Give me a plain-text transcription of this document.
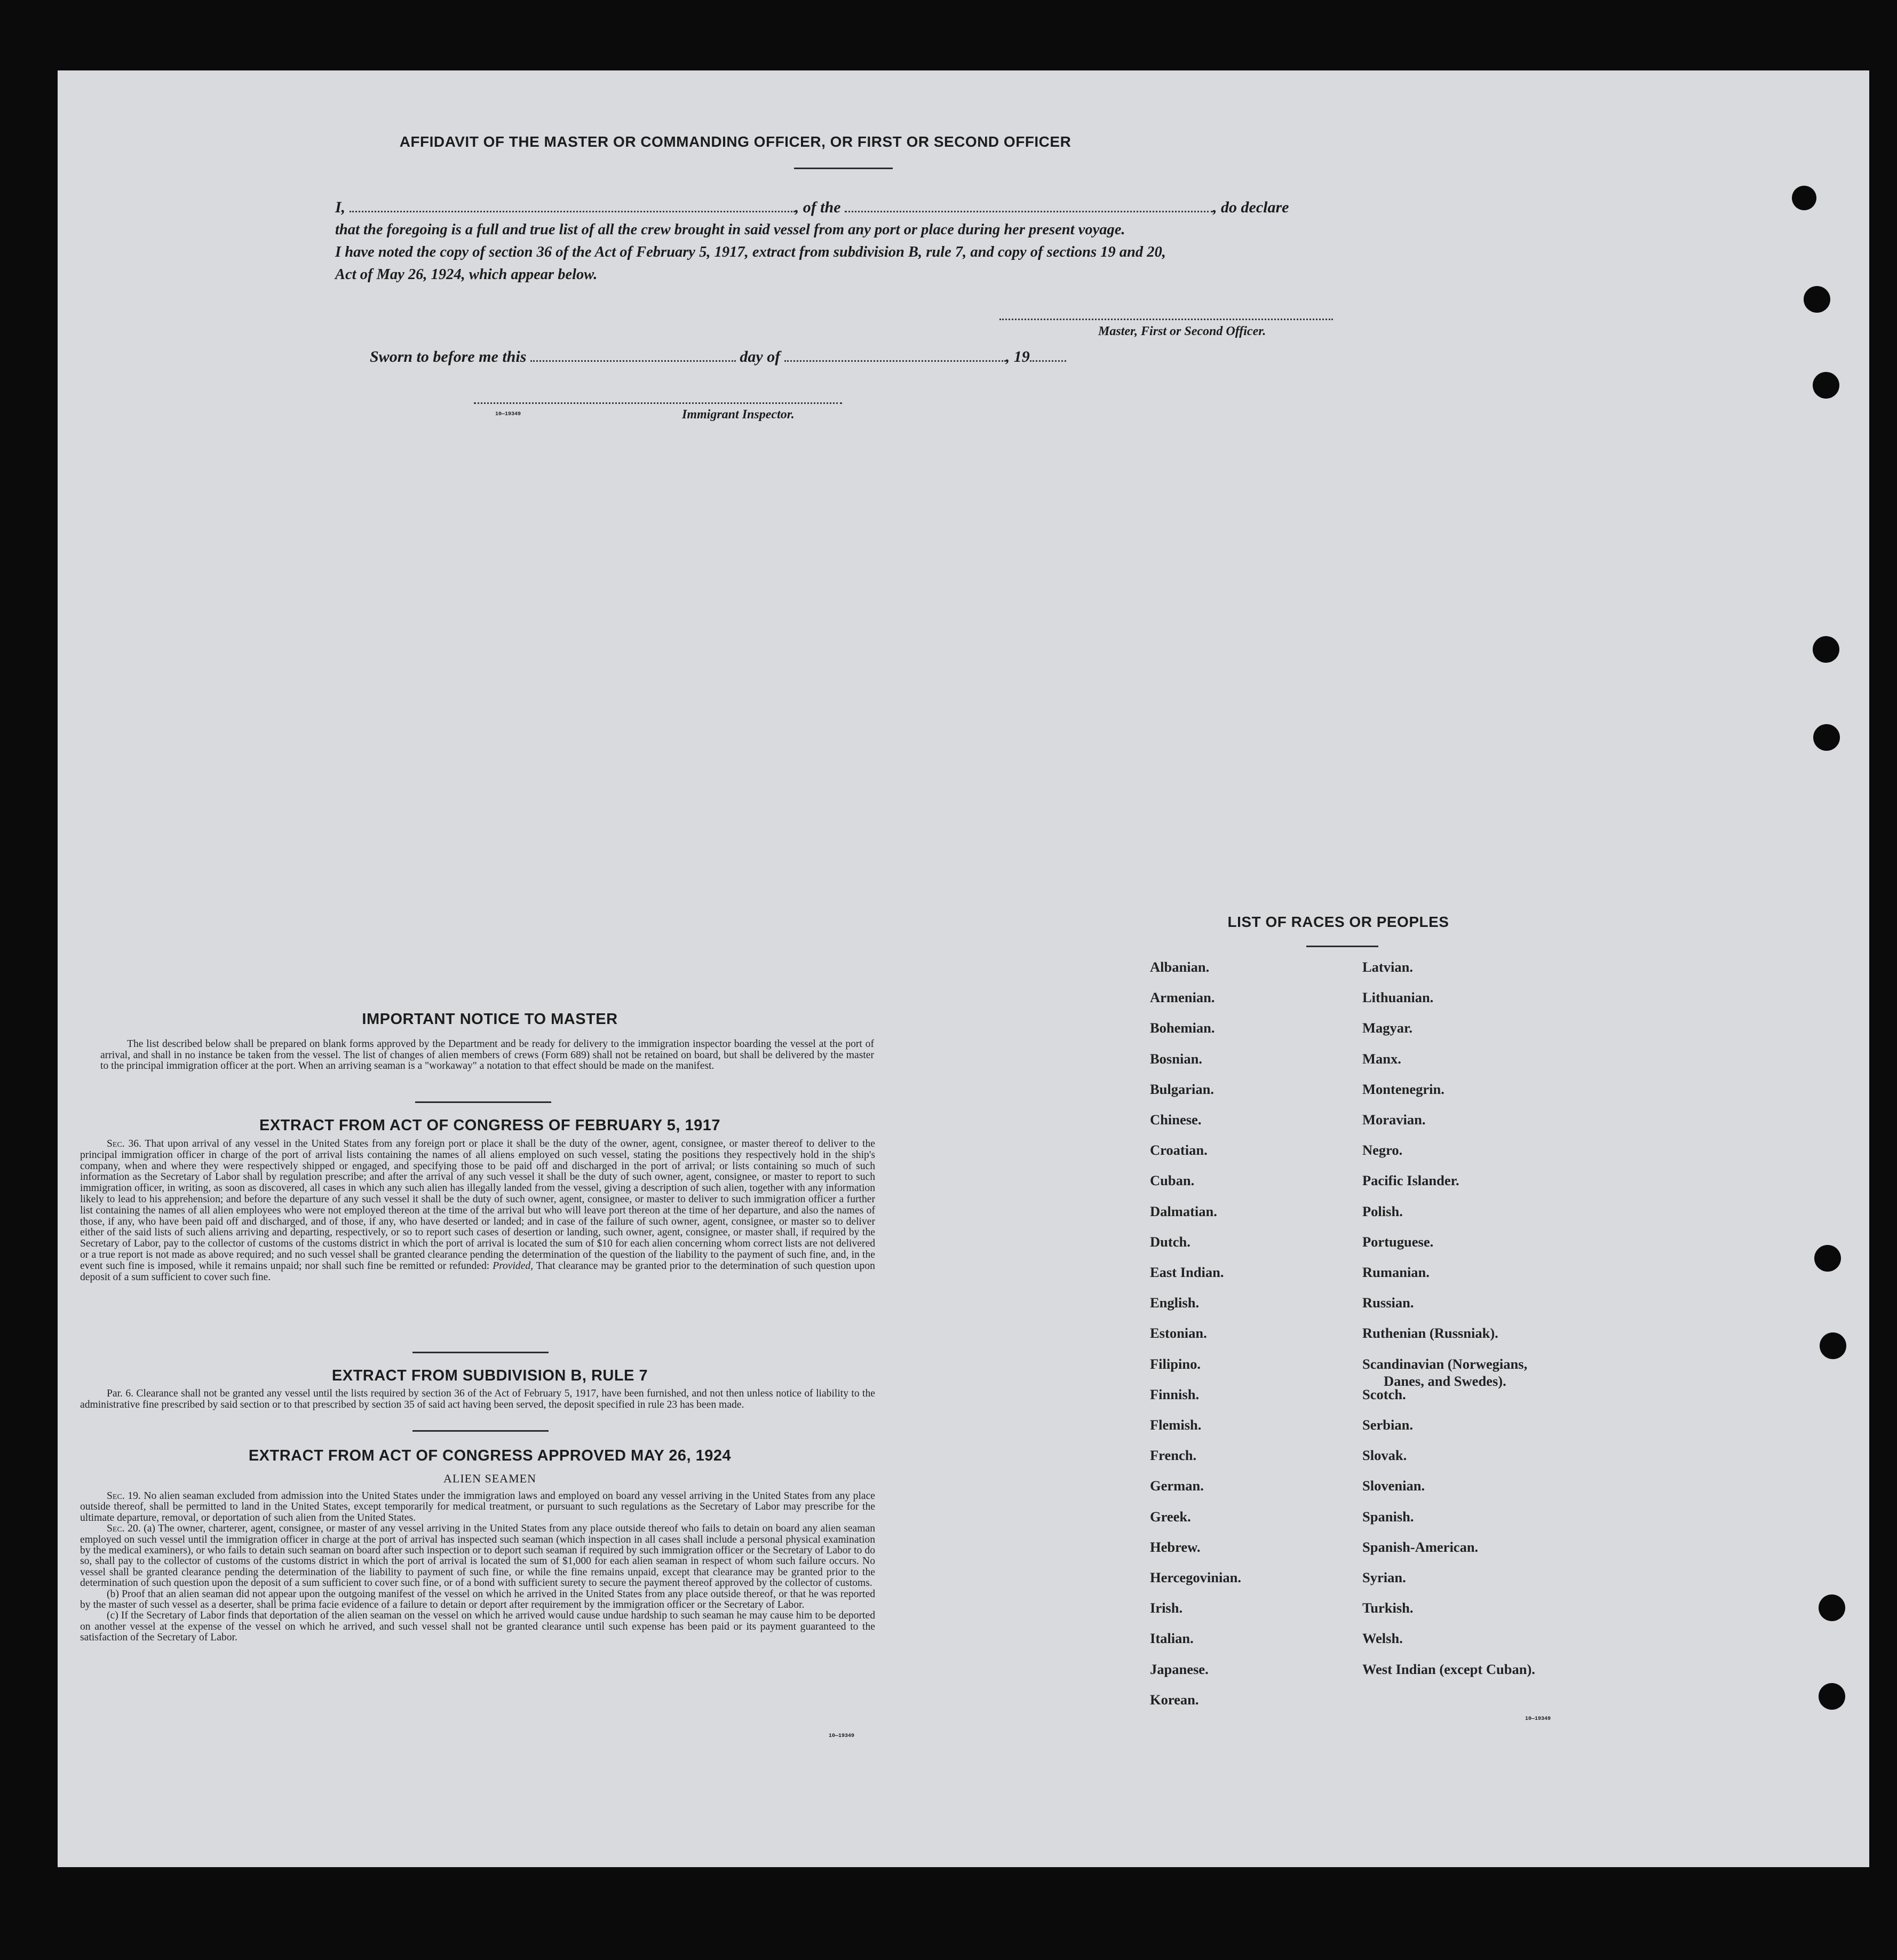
AFFIDAVIT OF THE MASTER OR COMMANDING OFFICER, OR FIRST OR SECOND OFFICER
I,	, of the	, do declare
that the foregoing is a full and true list of all the crew brought in said vessel from any port or place during her present voyage.
I have noted the copy of section 36 of the Act of February 5, 1917, extract from subdivision B, rule 7, and copy of sections 19 and 20,
Act of May 26, 1924, which appear below.
Master, First or Second Officer.
Sworn to before me this	day of	, 19
10—19349	Immigrant Inspector.
IMPORTANT NOTICE TO MASTER

The list described below shall be prepared on blank forms approved by the Department and be ready for delivery to the immigration inspector boarding the vessel at the port of arrival, and shall in no instance be taken from the vessel. The list of changes of alien members of crews (Form 689) shall not be retained on board, but shall be delivered by the master to the principal immigration officer at the port. When an arriving seaman is a "workaway" a notation to that effect should be made on the manifest.

EXTRACT FROM ACT OF CONGRESS OF FEBRUARY 5, 1917

Sec. 36. That upon arrival of any vessel in the United States from any foreign port or place it shall be the duty of the owner, agent, consignee, or master thereof to deliver to the principal immigration officer in charge of the port of arrival lists containing the names of all aliens employed on such vessel, stating the positions they respectively hold in the ship's company, when and where they were respectively shipped or engaged, and specifying those to be paid off and discharged in the port of arrival; or lists containing so much of such information as the Secretary of Labor shall by regulation prescribe; and after the arrival of any such vessel it shall be the duty of such owner, agent, consignee, or master to report to such immigration officer, in writing, as soon as discovered, all cases in which any such alien has illegally landed from the vessel, giving a description of such alien, together with any information likely to lead to his apprehension; and before the departure of any such vessel it shall be the duty of such owner, agent, consignee, or master to deliver to such immigration officer a further list containing the names of all alien employees who were not employed thereon at the time of the arrival but who will leave port thereon at the time of her departure, and also the names of those, if any, who have been paid off and discharged, and of those, if any, who have deserted or landed; and in case of the failure of such owner, agent, consignee, or master so to deliver either of the said lists of such aliens arriving and departing, respectively, or so to report such cases of desertion or landing, such owner, agent, consignee, or master shall, if required by the Secretary of Labor, pay to the collector of customs of the customs district in which the port of arrival is located the sum of $10 for each alien concerning whom correct lists are not delivered or a true report is not made as above required; and no such vessel shall be granted clearance pending the determination of the question of the liability to the payment of such fine, and, in the event such fine is imposed, while it remains unpaid; nor shall such fine be remitted or refunded: Provided, That clearance may be granted prior to the determination of such question upon deposit of a sum sufficient to cover such fine.

EXTRACT FROM SUBDIVISION B, RULE 7

Par. 6. Clearance shall not be granted any vessel until the lists required by section 36 of the Act of February 5, 1917, have been furnished, and not then unless notice of liability to the administrative fine prescribed by said section or to that prescribed by section 35 of said act having been served, the deposit specified in rule 23 has been made.

EXTRACT FROM ACT OF CONGRESS APPROVED MAY 26, 1924
ALIEN SEAMEN

Sec. 19. No alien seaman excluded from admission into the United States under the immigration laws and employed on board any vessel arriving in the United States from any place outside thereof, shall be permitted to land in the United States, except temporarily for medical treatment, or pursuant to such regulations as the Secretary of Labor may prescribe for the ultimate departure, removal, or deportation of such alien from the United States.

Sec. 20. (a) The owner, charterer, agent, consignee, or master of any vessel arriving in the United States from any place outside thereof who fails to detain on board any alien seaman employed on such vessel until the immigration officer in charge at the port of arrival has inspected such seaman (which inspection in all cases shall include a personal physical examination by the medical examiners), or who fails to detain such seaman on board after such inspection or to deport such seaman if required by such immigration officer or the Secretary of Labor to do so, shall pay to the collector of customs of the customs district in which the port of arrival is located the sum of $1,000 for each alien seaman in respect of whom such failure occurs. No vessel shall be granted clearance pending the determination of the liability to payment of such fine, or while the fine remains unpaid, except that clearance may be granted prior to the determination of such question upon the deposit of a sum sufficient to cover such fine, or of a bond with sufficient surety to secure the payment thereof approved by the collector of customs.

(b) Proof that an alien seaman did not appear upon the outgoing manifest of the vessel on which he arrived in the United States from any place outside thereof, or that he was reported by the master of such vessel as a deserter, shall be prima facie evidence of a failure to detain or deport after requirement by the immigration officer or the Secretary of Labor.

(c) If the Secretary of Labor finds that deportation of the alien seaman on the vessel on which he arrived would cause undue hardship to such seaman he may cause him to be deported on another vessel at the expense of the vessel on which he arrived, and such vessel shall not be granted clearance until such expense has been paid or its payment guaranteed to the satisfaction of the Secretary of Labor.

10—19349
LIST OF RACES OR PEOPLES
Albanian.
Armenian.
Bohemian.
Bosnian.
Bulgarian.
Chinese.
Croatian.
Cuban.
Dalmatian.
Dutch.
East Indian.
English.
Estonian.
Filipino.
Finnish.
Flemish.
French.
German.
Greek.
Hebrew.
Hercegovinian.
Irish.
Italian.
Japanese.
Korean.
Latvian.
Lithuanian.
Magyar.
Manx.
Montenegrin.
Moravian.
Negro.
Pacific Islander.
Polish.
Portuguese.
Rumanian.
Russian.
Ruthenian (Russniak).
Scandinavian (Norwegians,
Danes, and Swedes).
Scotch.
Serbian.
Slovak.
Slovenian.
Spanish.
Spanish-American.
Syrian.
Turkish.
Welsh.
West Indian (except Cuban).
10—19349
